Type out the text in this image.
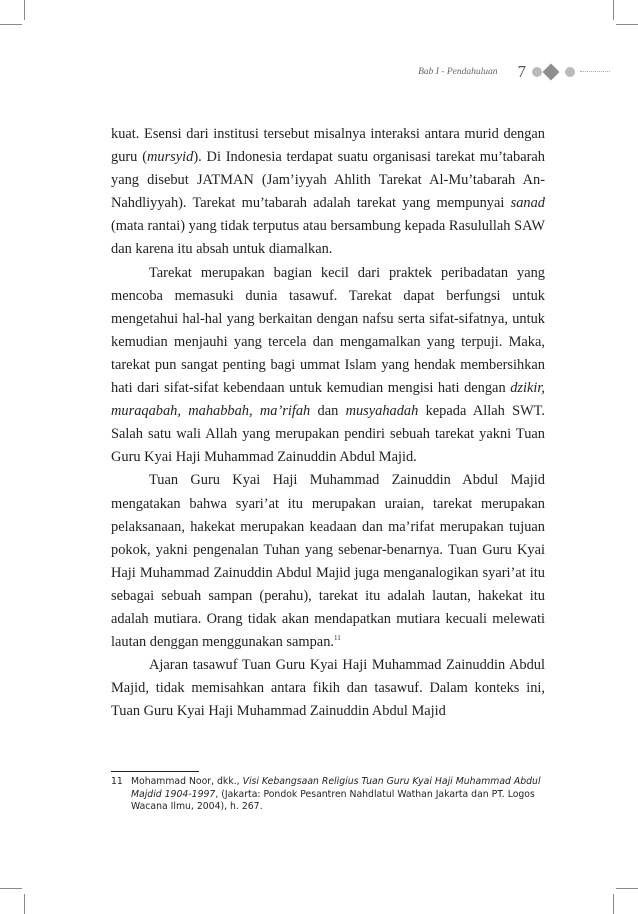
Bab I - Pendahuluan 7

kuat. Esensi dari institusi tersebut misalnya interaksi antara murid dengan guru (mursyid). Di Indonesia terdapat suatu organisasi tarekat mu’tabarah yang disebut JATMAN (Jam’iyyah Ahlith Tarekat Al-Mu’tabarah An-Nahdliyyah). Tarekat mu’tabarah adalah tarekat yang mempunyai sanad (mata rantai) yang tidak terputus atau bersambung kepada Rasulullah SAW dan karena itu absah untuk diamalkan.

Tarekat merupakan bagian kecil dari praktek peribadatan yang mencoba memasuki dunia tasawuf. Tarekat dapat berfungsi untuk mengetahui hal-hal yang berkaitan dengan nafsu serta sifat-sifatnya, untuk kemudian menjauhi yang tercela dan mengamalkan yang terpuji. Maka, tarekat pun sangat penting bagi ummat Islam yang hendak membersihkan hati dari sifat-sifat kebendaan untuk kemudian mengisi hati dengan dzikir, muraqabah, mahabbah, ma’rifah dan musyahadah kepada Allah SWT. Salah satu wali Allah yang merupakan pendiri sebuah tarekat yakni Tuan Guru Kyai Haji Muhammad Zainuddin Abdul Majid.

Tuan Guru Kyai Haji Muhammad Zainuddin Abdul Majid mengatakan bahwa syari’at itu merupakan uraian, tarekat merupakan pelaksanaan, hakekat merupakan keadaan dan ma’rifat merupakan tujuan pokok, yakni pengenalan Tuhan yang sebenar-benarnya. Tuan Guru Kyai Haji Muhammad Zainuddin Abdul Majid juga menganalogikan syari’at itu sebagai sebuah sampan (perahu), tarekat itu adalah lautan, hakekat itu adalah mutiara. Orang tidak akan mendapatkan mutiara kecuali melewati lautan denggan menggunakan sampan.$^{11}$

Ajaran tasawuf Tuan Guru Kyai Haji Muhammad Zainuddin Abdul Majid, tidak memisahkan antara fikih dan tasawuf. Dalam konteks ini, Tuan Guru Kyai Haji Muhammad Zainuddin Abdul Majid

11 Mohammad Noor, dkk., Visi Kebangsaan Religius Tuan Guru Kyai Haji Muhammad Abdul Majdid 1904-1997, (Jakarta: Pondok Pesantren Nahdlatul Wathan Jakarta dan PT. Logos Wacana Ilmu, 2004), h. 267.
